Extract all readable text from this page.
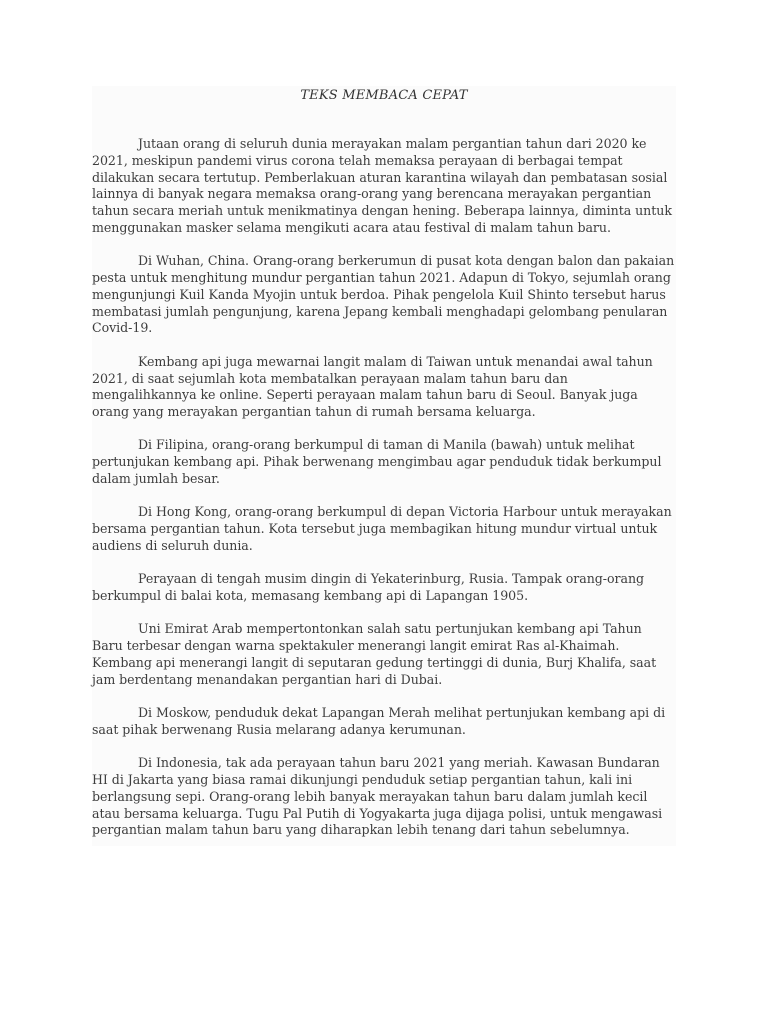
TEKS MEMBACA CEPAT

Jutaan orang di seluruh dunia merayakan malam pergantian tahun dari 2020 ke 2021, meskipun pandemi virus corona telah memaksa perayaan di berbagai tempat dilakukan secara tertutup. Pemberlakuan aturan karantina wilayah dan pembatasan sosial lainnya di banyak negara memaksa orang-orang yang berencana merayakan pergantian tahun secara meriah untuk menikmatinya dengan hening. Beberapa lainnya, diminta untuk menggunakan masker selama mengikuti acara atau festival di malam tahun baru.

Di Wuhan, China. Orang-orang berkerumun di pusat kota dengan balon dan pakaian pesta untuk menghitung mundur pergantian tahun 2021. Adapun di Tokyo, sejumlah orang mengunjungi Kuil Kanda Myojin untuk berdoa. Pihak pengelola Kuil Shinto tersebut harus membatasi jumlah pengunjung, karena Jepang kembali menghadapi gelombang penularan Covid-19.

Kembang api juga mewarnai langit malam di Taiwan untuk menandai awal tahun 2021, di saat sejumlah kota membatalkan perayaan malam tahun baru dan mengalihkannya ke online. Seperti perayaan malam tahun baru di Seoul. Banyak juga orang yang merayakan pergantian tahun di rumah bersama keluarga.

Di Filipina, orang-orang berkumpul di taman di Manila (bawah) untuk melihat pertunjukan kembang api. Pihak berwenang mengimbau agar penduduk tidak berkumpul dalam jumlah besar.

Di Hong Kong, orang-orang berkumpul di depan Victoria Harbour untuk merayakan bersama pergantian tahun. Kota tersebut juga membagikan hitung mundur virtual untuk audiens di seluruh dunia.

Perayaan di tengah musim dingin di Yekaterinburg, Rusia. Tampak orang-orang berkumpul di balai kota, memasang kembang api di Lapangan 1905.

Uni Emirat Arab mempertontonkan salah satu pertunjukan kembang api Tahun Baru terbesar dengan warna spektakuler menerangi langit emirat Ras al-Khaimah. Kembang api menerangi langit di seputaran gedung tertinggi di dunia, Burj Khalifa, saat jam berdentang menandakan pergantian hari di Dubai.

Di Moskow, penduduk dekat Lapangan Merah melihat pertunjukan kembang api di saat pihak berwenang Rusia melarang adanya kerumunan.

Di Indonesia, tak ada perayaan tahun baru 2021 yang meriah. Kawasan Bundaran HI di Jakarta yang biasa ramai dikunjungi penduduk setiap pergantian tahun, kali ini berlangsung sepi. Orang-orang lebih banyak merayakan tahun baru dalam jumlah kecil atau bersama keluarga. Tugu Pal Putih di Yogyakarta juga dijaga polisi, untuk mengawasi pergantian malam tahun baru yang diharapkan lebih tenang dari tahun sebelumnya.
